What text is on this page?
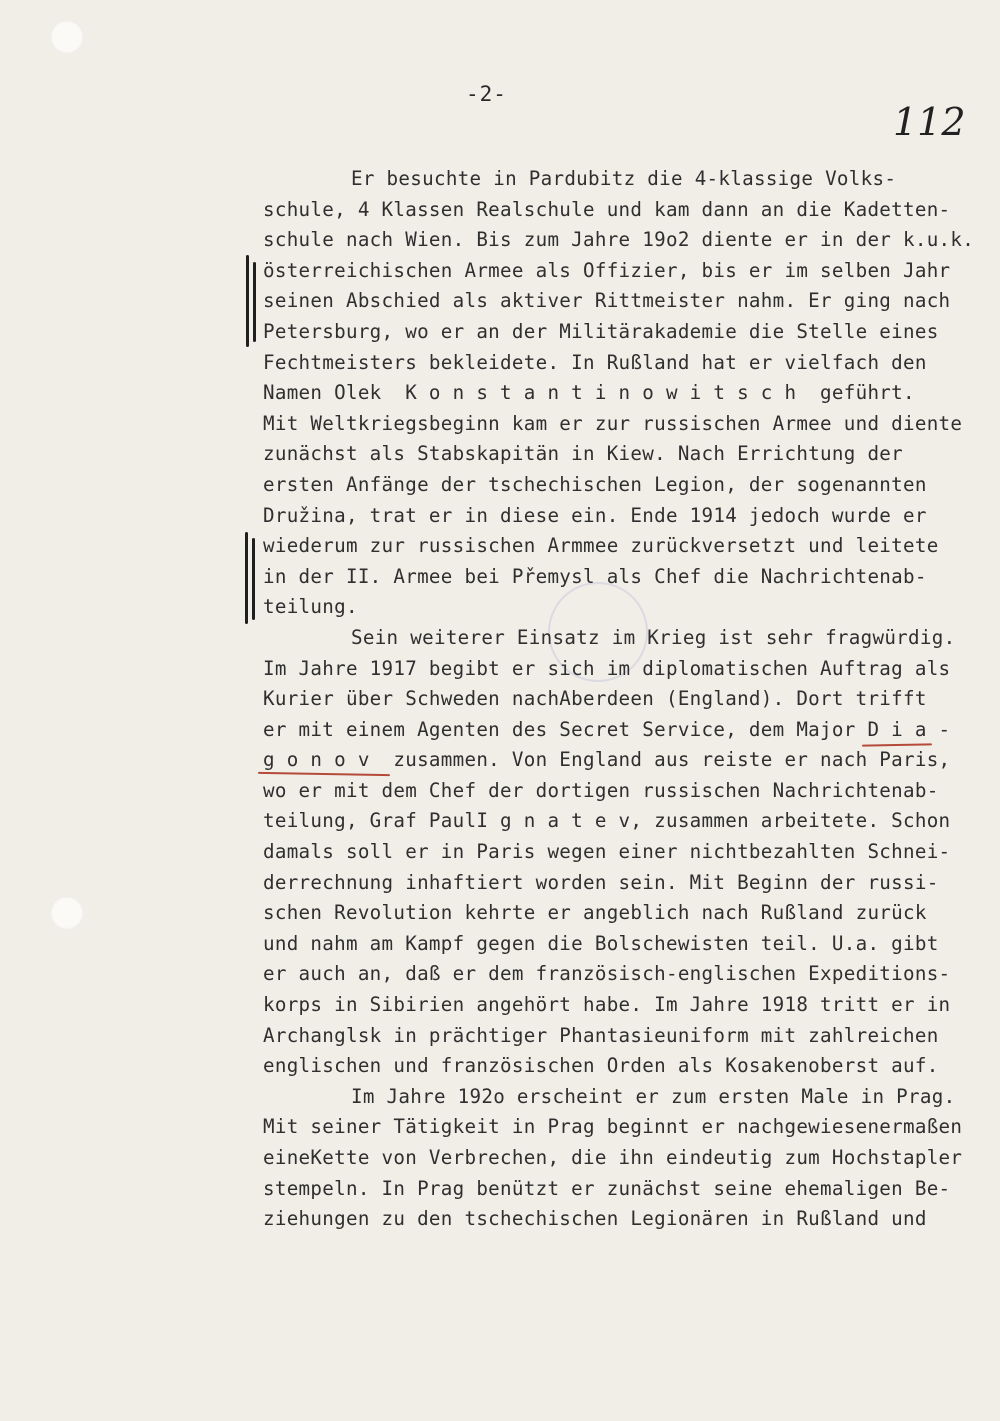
-2-
112
Er besuchte in Pardubitz die 4-klassige Volks-
schule, 4 Klassen Realschule und kam dann an die Kadetten-
schule nach Wien. Bis zum Jahre 19o2 diente er in der k.u.k.
österreichischen Armee als Offizier, bis er im selben Jahr
seinen Abschied als aktiver Rittmeister nahm. Er ging nach
Petersburg, wo er an der Militärakademie die Stelle eines
Fechtmeisters bekleidete. In Rußland hat er vielfach den
Namen Olek  K o n s t a n t i n o w i t s c h  geführt.
Mit Weltkriegsbeginn kam er zur russischen Armee und diente
zunächst als Stabskapitän in Kiew. Nach Errichtung der
ersten Anfänge der tschechischen Legion, der sogenannten
Družina, trat er in diese ein. Ende 1914 jedoch wurde er
wiederum zur russischen Armmee zurückversetzt und leitete
in der II. Armee bei Přemysl als Chef die Nachrichtenab-
teilung.
Sein weiterer Einsatz im Krieg ist sehr fragwürdig.
Im Jahre 1917 begibt er sich im diplomatischen Auftrag als
Kurier über Schweden nachAberdeen (England). Dort trifft
er mit einem Agenten des Secret Service, dem Major D i a -
g o n o v  zusammen. Von England aus reiste er nach Paris,
wo er mit dem Chef der dortigen russischen Nachrichtenab-
teilung, Graf PaulI g n a t e v, zusammen arbeitete. Schon
damals soll er in Paris wegen einer nichtbezahlten Schnei-
derrechnung inhaftiert worden sein. Mit Beginn der russi-
schen Revolution kehrte er angeblich nach Rußland zurück
und nahm am Kampf gegen die Bolschewisten teil. U.a. gibt
er auch an, daß er dem französisch-englischen Expeditions-
korps in Sibirien angehört habe. Im Jahre 1918 tritt er in
Archanglsk in prächtiger Phantasieuniform mit zahlreichen
englischen und französischen Orden als Kosakenoberst auf.
Im Jahre 192o erscheint er zum ersten Male in Prag.
Mit seiner Tätigkeit in Prag beginnt er nachgewiesenermaßen
eineKette von Verbrechen, die ihn eindeutig zum Hochstapler
stempeln. In Prag benützt er zunächst seine ehemaligen Be-
ziehungen zu den tschechischen Legionären in Rußland und
